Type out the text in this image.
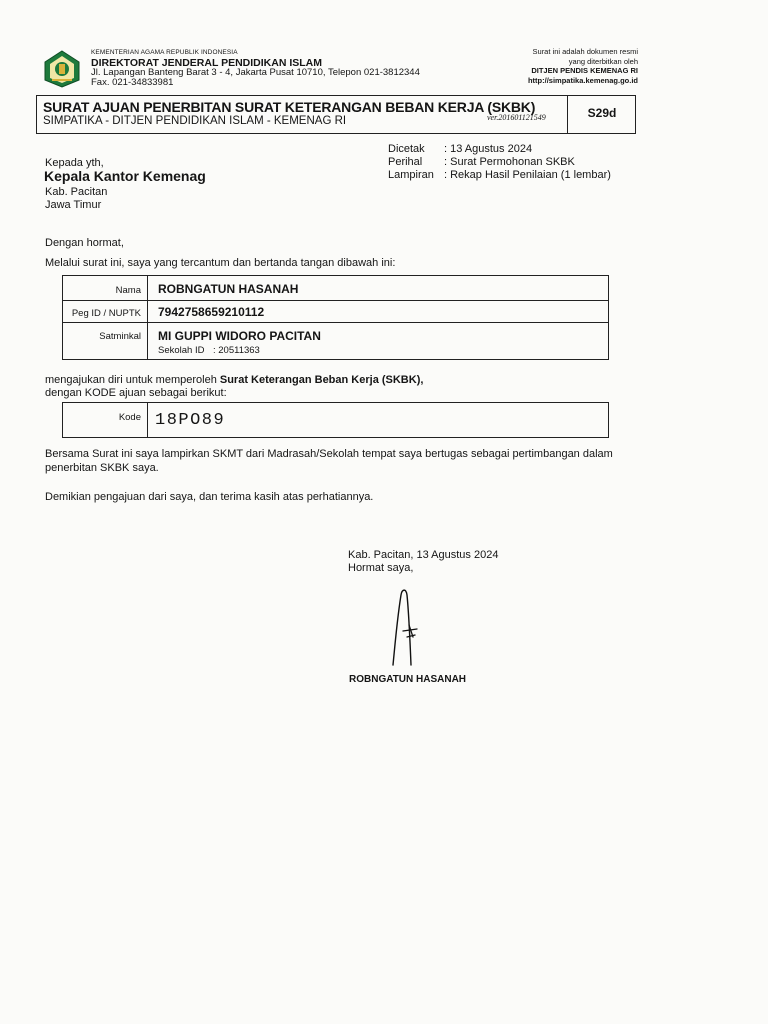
KEMENTERIAN AGAMA REPUBLIK INDONESIA
DIREKTORAT JENDERAL PENDIDIKAN ISLAM
Jl. Lapangan Banteng Barat 3 - 4, Jakarta Pusat 10710, Telepon 021-3812344
Fax. 021-34833981
Surat ini adalah dokumen resmi
yang diterbitkan oleh
DITJEN PENDIS KEMENAG RI
http://simpatika.kemenag.go.id
SURAT AJUAN PENERBITAN SURAT KETERANGAN BEBAN KERJA (SKBK)
SIMPATIKA - DITJEN PENDIDIKAN ISLAM - KEMENAG RI	ver.201601121549	S29d
Kepada yth,
Kepala Kantor Kemenag
Kab. Pacitan
Jawa Timur
Dicetak : 13 Agustus 2024
Perihal : Surat Permohonan SKBK
Lampiran : Rekap Hasil Penilaian (1 lembar)
Dengan hormat,
Melalui surat ini, saya yang tercantum dan bertanda tangan dibawah ini:
Nama ROBNGATUN HASANAH
Peg ID / NUPTK 7942758659210112
Satminkal MI GUPPI WIDORO PACITAN
Sekolah ID : 20511363
mengajukan diri untuk memperoleh Surat Keterangan Beban Kerja (SKBK),
dengan KODE ajuan sebagai berikut:
Kode 18PO89
Bersama Surat ini saya lampirkan SKMT dari Madrasah/Sekolah tempat saya bertugas sebagai pertimbangan dalam
penerbitan SKBK saya.
Demikian pengajuan dari saya, dan terima kasih atas perhatiannya.
Kab. Pacitan, 13 Agustus 2024
Hormat saya,
ROBNGATUN HASANAH
